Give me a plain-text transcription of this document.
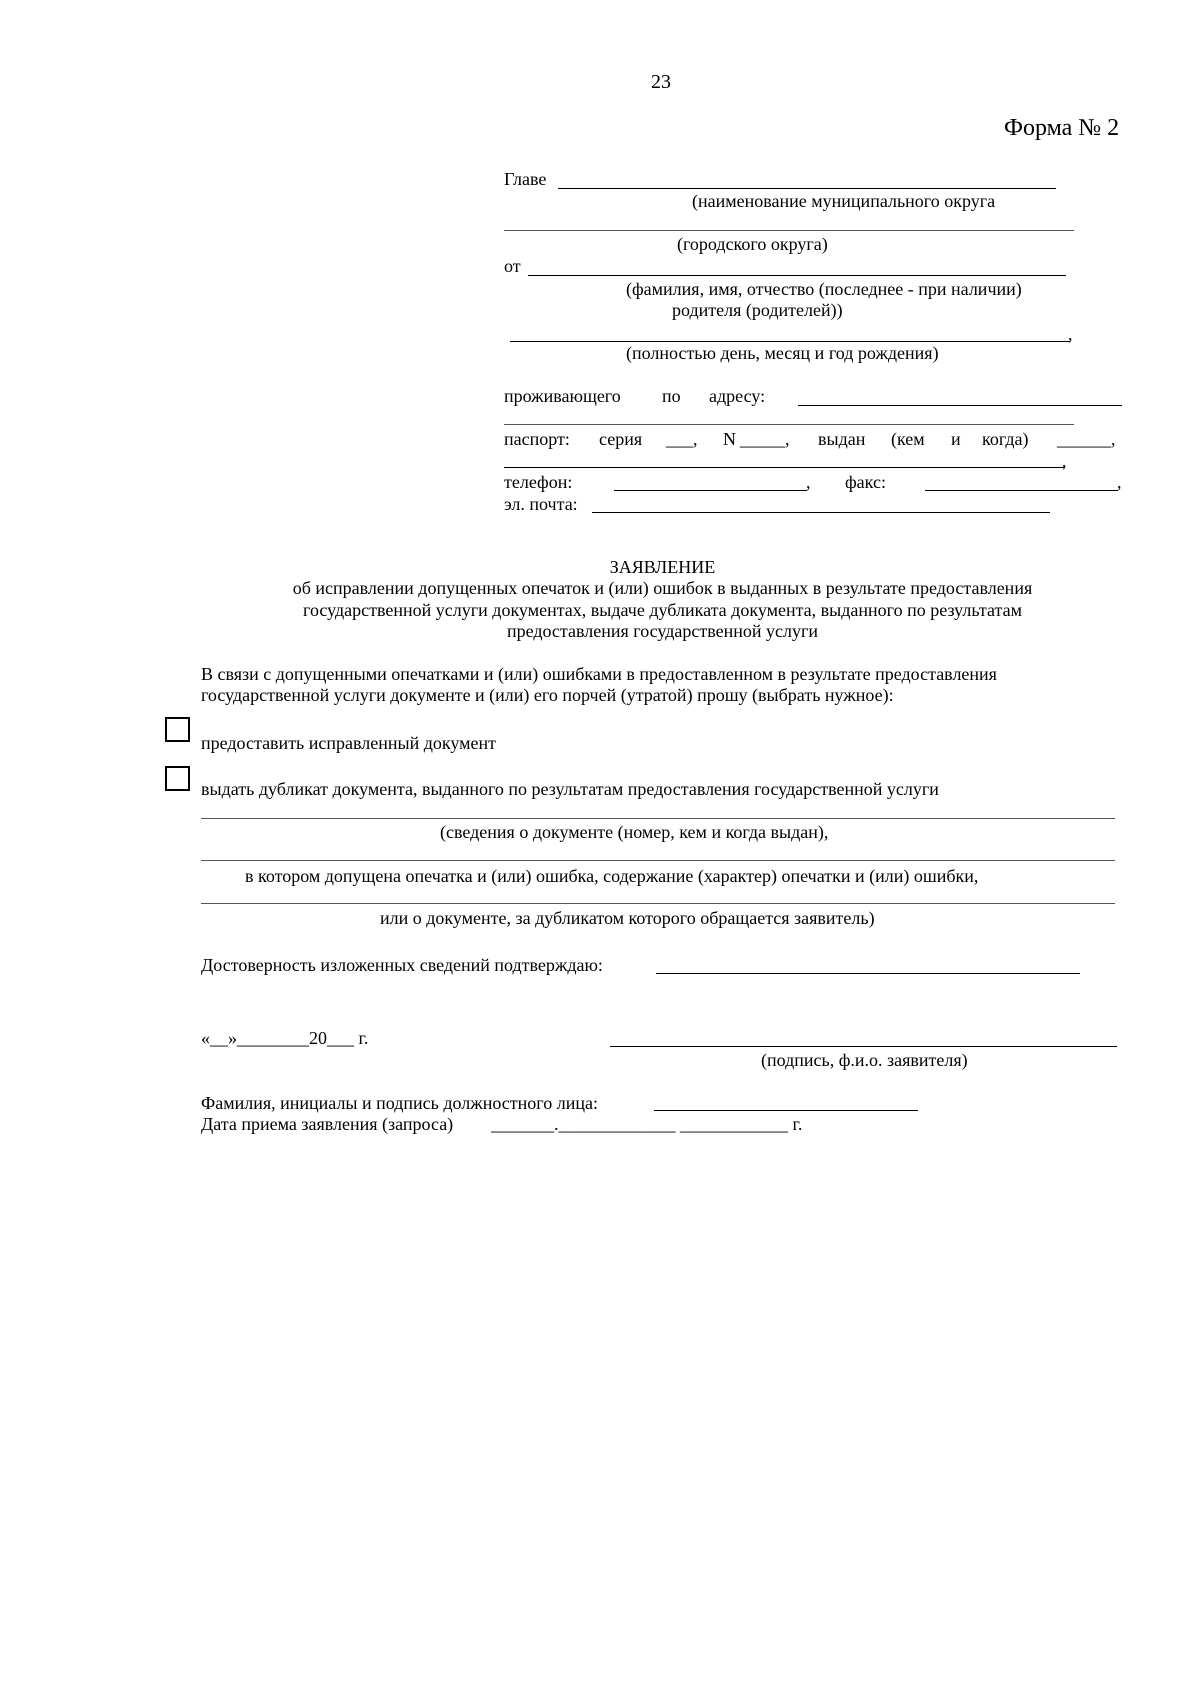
23
Форма № 2
Главе
(наименование муниципального округа
(городского округа)
от
(фамилия, имя, отчество (последнее - при наличии)
родителя (родителей))
,
(полностью день, месяц и год рождения)
проживающего по адресу:
паспорт: серия ___, N _____, выдан (кем и когда) ______,
,
телефон:	, факс:	,
эл. почта:
ЗАЯВЛЕНИЕ
об исправлении допущенных опечаток и (или) ошибок в выданных в результате предоставления
государственной услуги документах, выдаче дубликата документа, выданного по результатам
предоставления государственной услуги
В связи с допущенными опечатками и (или) ошибками в предоставленном в результате предоставления
государственной услуги документе и (или) его порчей (утратой) прошу (выбрать нужное):
предоставить исправленный документ
выдать дубликат документа, выданного по результатам предоставления государственной услуги
(сведения о документе (номер, кем и когда выдан),
в котором допущена опечатка и (или) ошибка, содержание (характер) опечатки и (или) ошибки,
или о документе, за дубликатом которого обращается заявитель)
Достоверность изложенных сведений подтверждаю:
«__»________20___ г.
(подпись, ф.и.о. заявителя)
Фамилия, инициалы и подпись должностного лица:
Дата приема заявления (запроса) _______._____________ ____________ г.
